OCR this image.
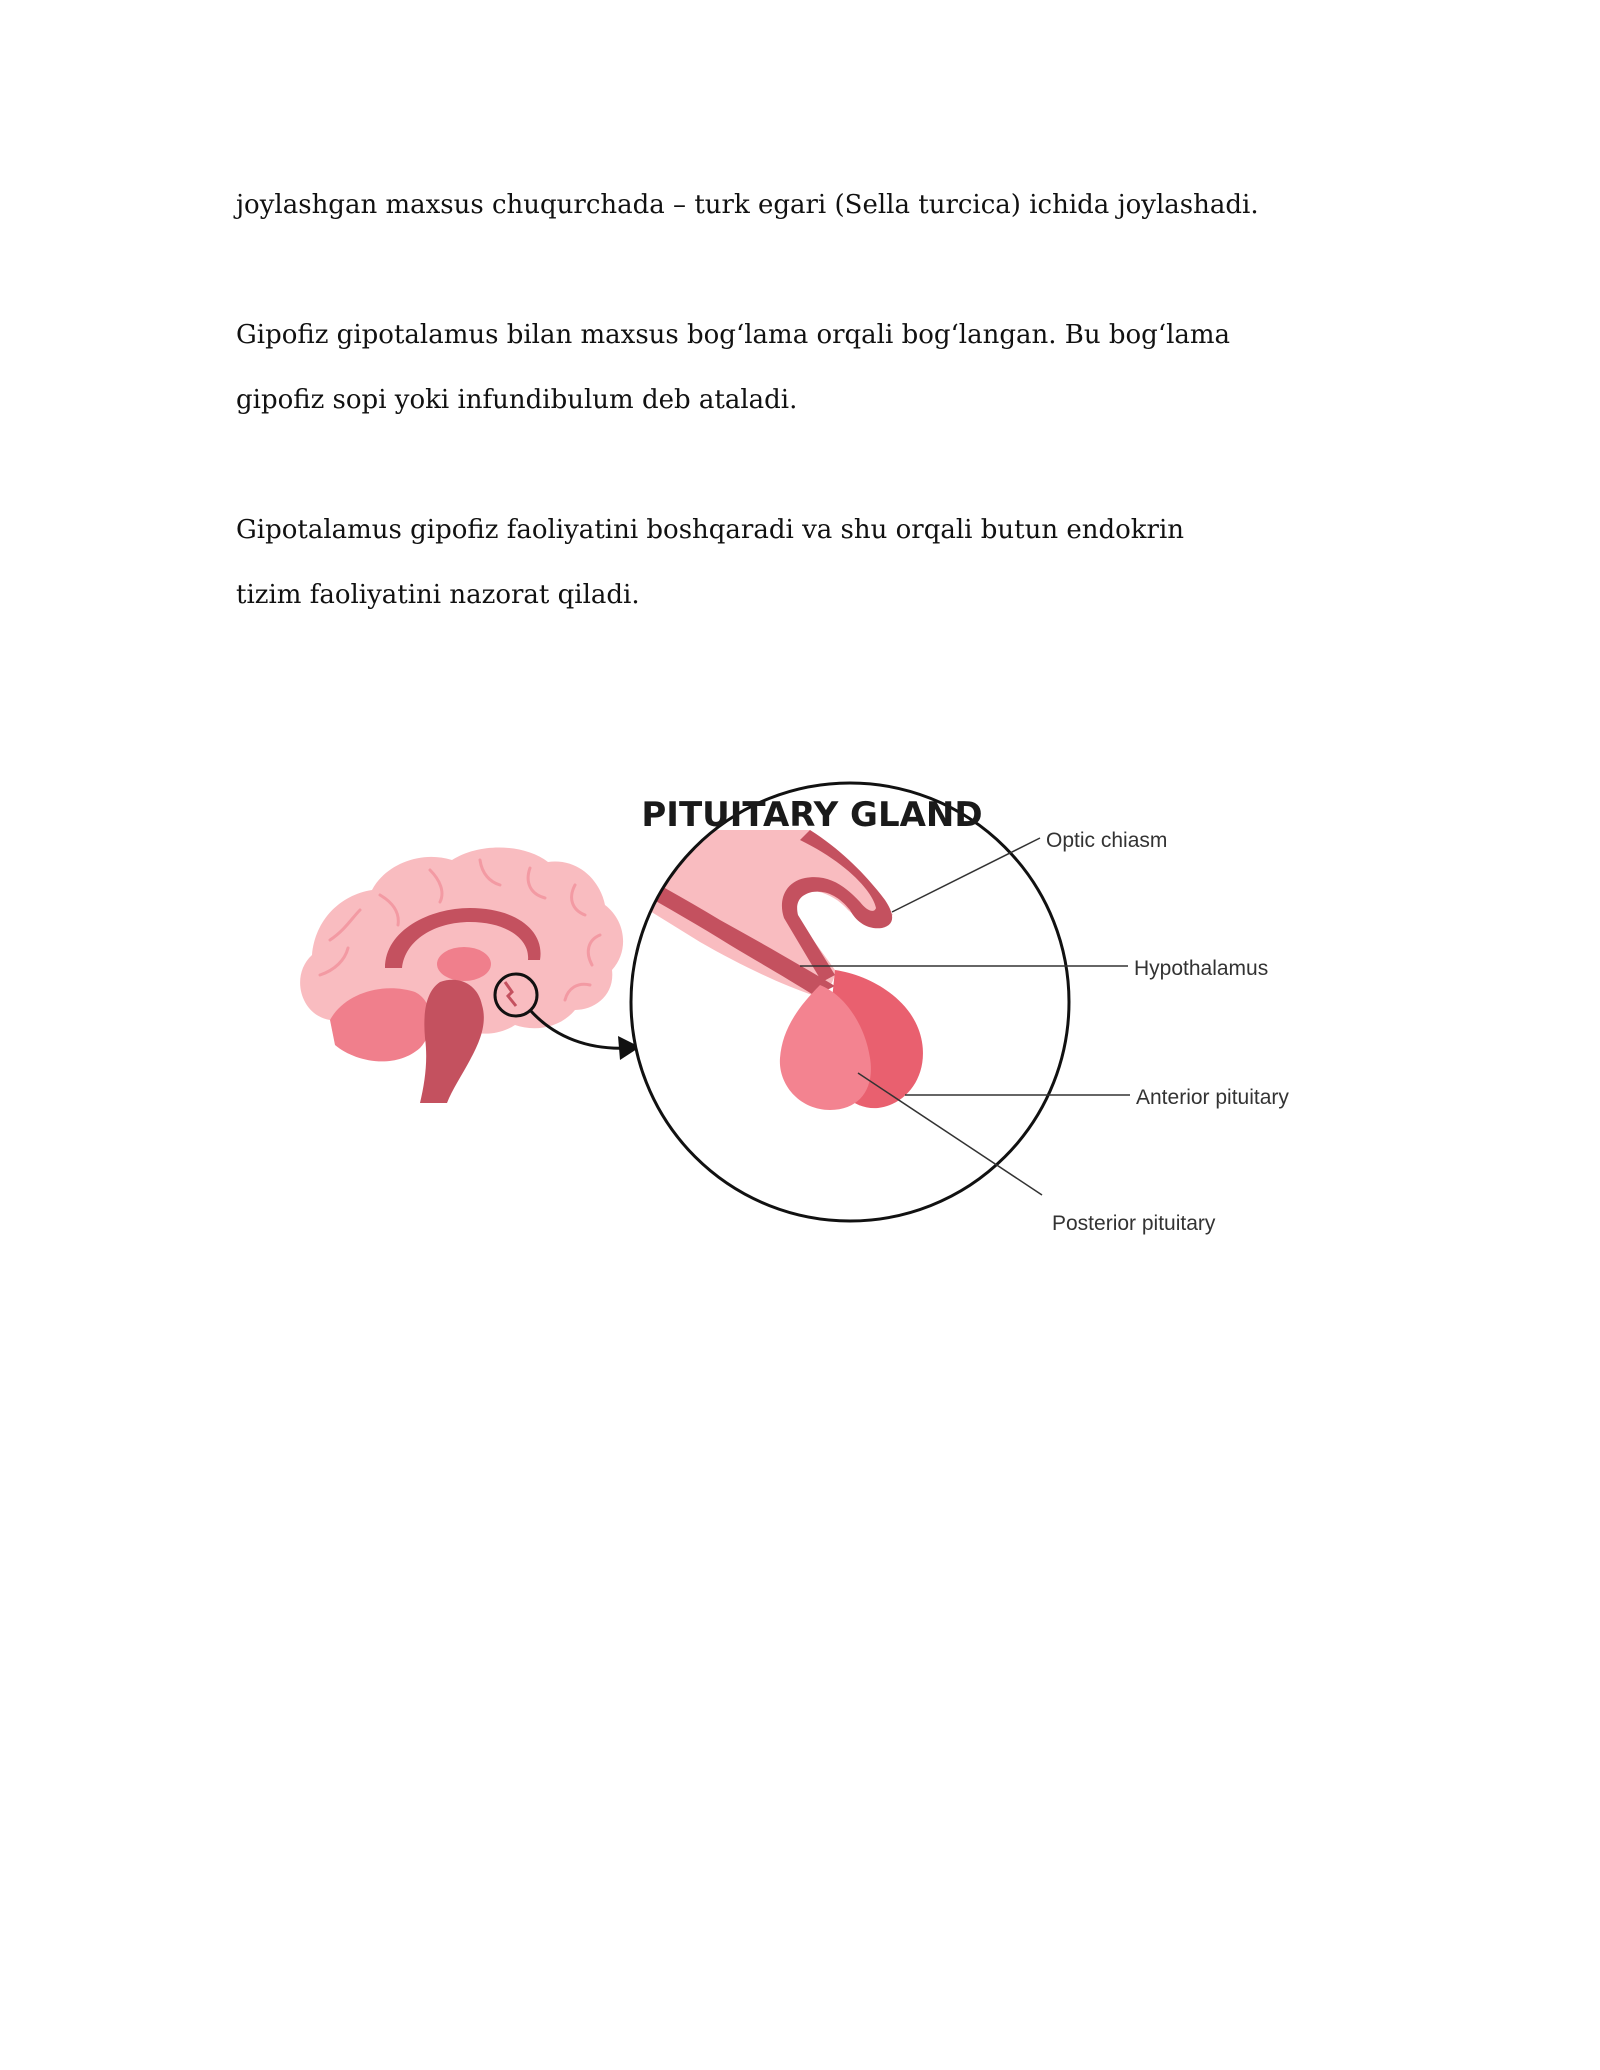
joylashgan maxsus chuqurchada – turk egari (Sella turcica) ichida joylashadi.

Gipofiz gipotalamus bilan maxsus bog‘lama orqali bog‘langan. Bu bog‘lama
gipofiz sopi yoki infundibulum deb ataladi.

Gipotalamus gipofiz faoliyatini boshqaradi va shu orqali butun endokrin
tizim faoliyatini nazorat qiladi.

Optic chiasm
Hypothalamus
Anterior pituitary
Posterior pituitary
PITUITARY GLAND
